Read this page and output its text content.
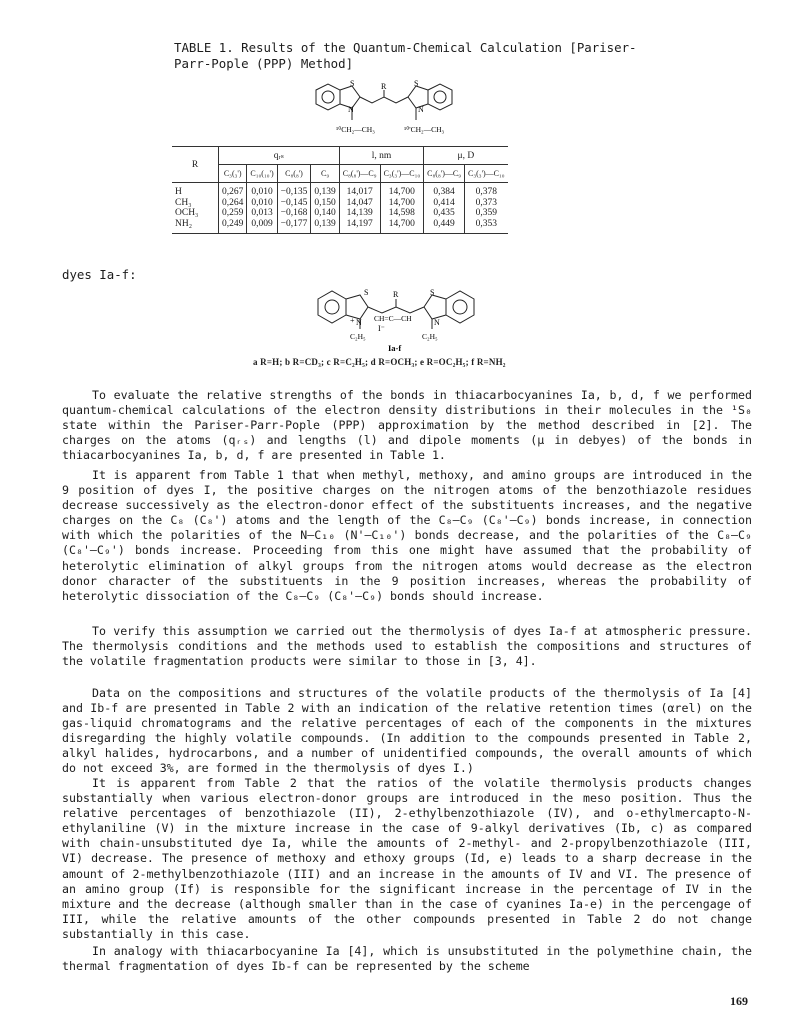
TABLE 1. Results of the Quantum-Chemical Calculation [Pariser-Parr-Pople (PPP) Method]
S	S
R
N	N
¹⁰CH₂—CH₃	¹⁰'CH₂—CH₃
R	qᵣₛ				l, nm		μ, D	
	C₃(₃')	C₁₀(₁₀')	C₈(₈')	C₉	C₈(₈')—C₉	C₃(₃')—C₁₀	C₈(₈')—C₉	C₃(₃')—C₁₀
H	0,267	0,010	−0,135	0,139	14,017	14,700	0,384	0,378
CH₃	0,264	0,010	−0,145	0,150	14,047	14,700	0,414	0,373
OCH₃	0,259	0,013	−0,168	0,140	14,139	14,598	0,435	0,359
NH₂	0,249	0,009	−0,177	0,139	14,197	14,700	0,449	0,353
dyes Ia-f:
S	S
R
CH=C—CH
+ N	N
I⁻
C₂H₅	C₂H₅
Ia-f
a R=H; b R=CD₃; c R=C₂H₅; d R=OCH₃; e R=OC₂H₅; f R=NH₂

To evaluate the relative strengths of the bonds in thiacarbocyanines Ia, b, d, f we performed quantum-chemical calculations of the electron density distributions in their molecules in the ¹S₀ state within the Pariser-Parr-Pople (PPP) approximation by the method described in [2]. The charges on the atoms (qᵣₛ) and lengths (l) and dipole moments (μ in debyes) of the bonds in thiacarbocyanines Ia, b, d, f are presented in Table 1.

It is apparent from Table 1 that when methyl, methoxy, and amino groups are introduced in the 9 position of dyes I, the positive charges on the nitrogen atoms of the benzothiazole residues decrease successively as the electron-donor effect of the substituents increases, and the negative charges on the C₈ (C₈') atoms and the length of the C₈—C₉ (C₈'—C₉) bonds increase, in connection with which the polarities of the N—C₁₀ (N'—C₁₀') bonds decrease, and the polarities of the C₈—C₉ (C₈'—C₉') bonds increase. Proceeding from this one might have assumed that the probability of heterolytic elimination of alkyl groups from the nitrogen atoms would decrease as the electron donor character of the substituents in the 9 position increases, whereas the probability of heterolytic dissociation of the C₈—C₉ (C₈'—C₉) bonds should increase.

To verify this assumption we carried out the thermolysis of dyes Ia-f at atmospheric pressure. The thermolysis conditions and the methods used to establish the compositions and structures of the volatile fragmentation products were similar to those in [3, 4].

Data on the compositions and structures of the volatile products of the thermolysis of Ia [4] and Ib-f are presented in Table 2 with an indication of the relative retention times (αrel) on the gas-liquid chromatograms and the relative percentages of each of the components in the mixtures disregarding the highly volatile compounds. (In addition to the compounds presented in Table 2, alkyl halides, hydrocarbons, and a number of unidentified compounds, the overall amounts of which do not exceed 3%, are formed in the thermolysis of dyes I.)

It is apparent from Table 2 that the ratios of the volatile thermolysis products changes substantially when various electron-donor groups are introduced in the meso position. Thus the relative percentages of benzothiazole (II), 2-ethylbenzothiazole (IV), and o-ethylmercapto-N-ethylaniline (V) in the mixture increase in the case of 9-alkyl derivatives (Ib, c) as compared with chain-unsubstituted dye Ia, while the amounts of 2-methyl- and 2-propylbenzothiazole (III, VI) decrease. The presence of methoxy and ethoxy groups (Id, e) leads to a sharp decrease in the amount of 2-methylbenzothiazole (III) and an increase in the amounts of IV and VI. The presence of an amino group (If) is responsible for the significant increase in the percentage of IV in the mixture and the decrease (although smaller than in the case of cyanines Ia-e) in the percengage of III, while the relative amounts of the other compounds presented in Table 2 do not change substantially in this case.

In analogy with thiacarbocyanine Ia [4], which is unsubstituted in the polymethine chain, the thermal fragmentation of dyes Ib-f can be represented by the scheme

169
